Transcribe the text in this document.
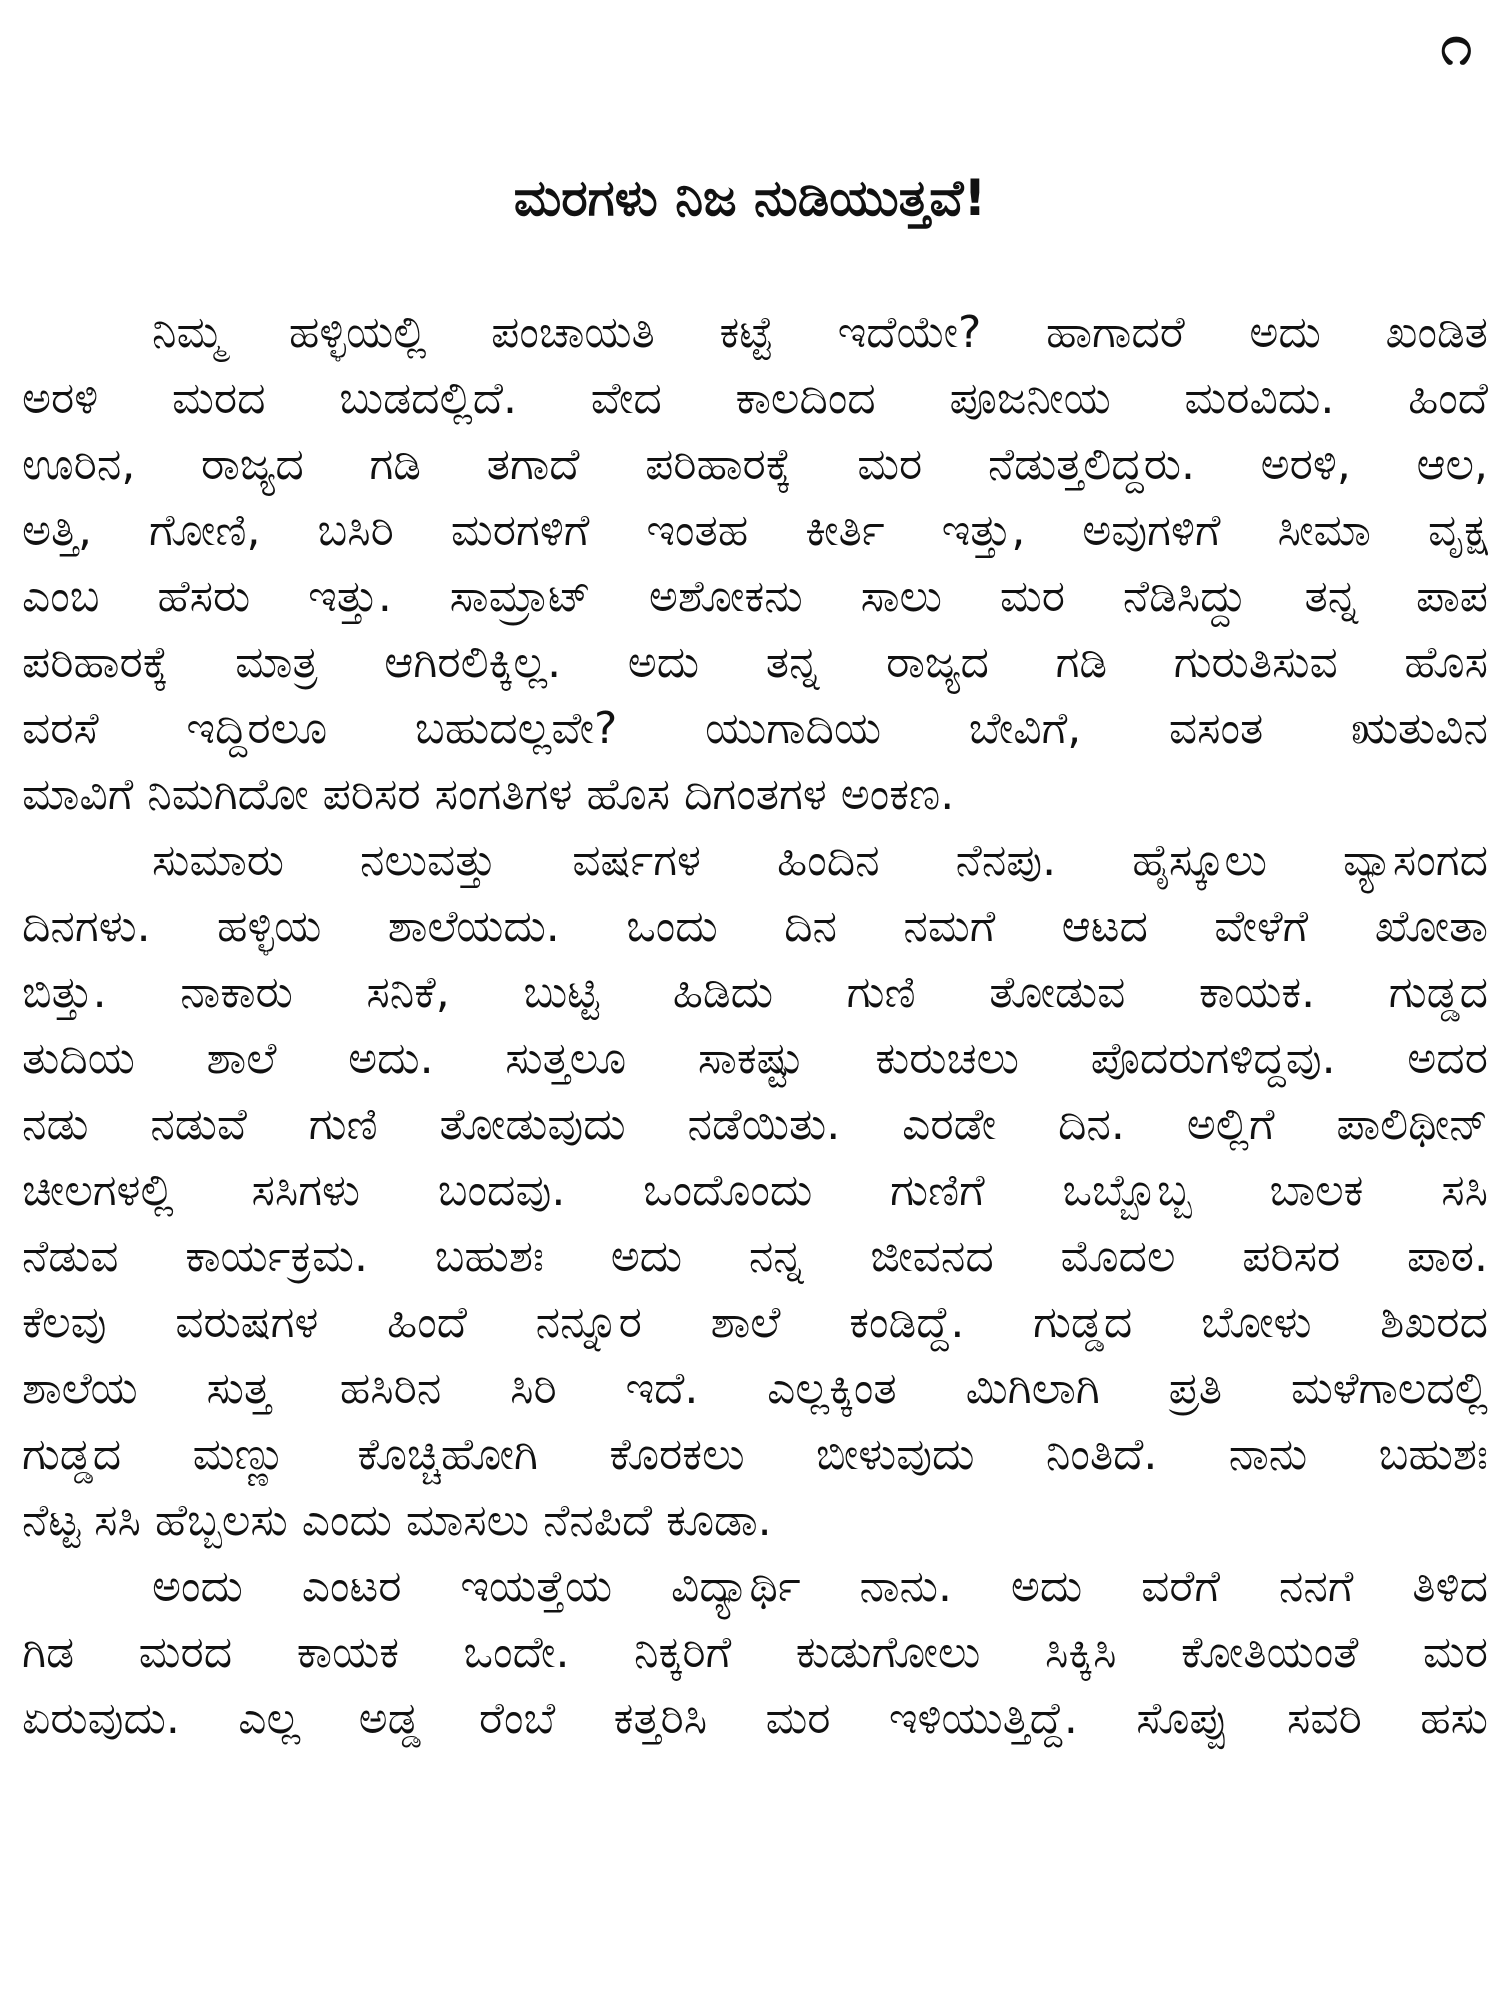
೧
ಮರಗಳು ನಿಜ ನುಡಿಯುತ್ತವೆ!
ನಿಮ್ಮ ಹಳ್ಳಿಯಲ್ಲಿ ಪಂಚಾಯತಿ ಕಟ್ಟೆ ಇದೆಯೇ? ಹಾಗಾದರೆ ಅದು ಖಂಡಿತ
ಅರಳಿ ಮರದ ಬುಡದಲ್ಲಿದೆ. ವೇದ ಕಾಲದಿಂದ ಪೂಜನೀಯ ಮರವಿದು. ಹಿಂದೆ
ಊರಿನ, ರಾಜ್ಯದ ಗಡಿ ತಗಾದೆ ಪರಿಹಾರಕ್ಕೆ ಮರ ನೆಡುತ್ತಲಿದ್ದರು. ಅರಳಿ, ಆಲ,
ಅತ್ತಿ, ಗೋಣಿ, ಬಸಿರಿ ಮರಗಳಿಗೆ ಇಂತಹ ಕೀರ್ತಿ ಇತ್ತು, ಅವುಗಳಿಗೆ ಸೀಮಾ ವೃಕ್ಷ
ಎಂಬ ಹೆಸರು ಇತ್ತು. ಸಾಮ್ರಾಟ್ ಅಶೋಕನು ಸಾಲು ಮರ ನೆಡಿಸಿದ್ದು ತನ್ನ ಪಾಪ
ಪರಿಹಾರಕ್ಕೆ ಮಾತ್ರ ಆಗಿರಲಿಕ್ಕಿಲ್ಲ. ಅದು ತನ್ನ ರಾಜ್ಯದ ಗಡಿ ಗುರುತಿಸುವ ಹೊಸ
ವರಸೆ ಇದ್ದಿರಲೂ ಬಹುದಲ್ಲವೇ? ಯುಗಾದಿಯ ಬೇವಿಗೆ, ವಸಂತ ಋತುವಿನ
ಮಾವಿಗೆ ನಿಮಗಿದೋ ಪರಿಸರ ಸಂಗತಿಗಳ ಹೊಸ ದಿಗಂತಗಳ ಅಂಕಣ.
ಸುಮಾರು ನಲುವತ್ತು ವರ್ಷಗಳ ಹಿಂದಿನ ನೆನಪು. ಹೈಸ್ಕೂಲು ವ್ಯಾಸಂಗದ
ದಿನಗಳು. ಹಳ್ಳಿಯ ಶಾಲೆಯದು. ಒಂದು ದಿನ ನಮಗೆ ಆಟದ ವೇಳೆಗೆ ಖೋತಾ
ಬಿತ್ತು. ನಾಕಾರು ಸನಿಕೆ, ಬುಟ್ಟಿ ಹಿಡಿದು ಗುಣಿ ತೋಡುವ ಕಾಯಕ. ಗುಡ್ಡದ
ತುದಿಯ ಶಾಲೆ ಅದು. ಸುತ್ತಲೂ ಸಾಕಷ್ಟು ಕುರುಚಲು ಪೊದರುಗಳಿದ್ದವು. ಅದರ
ನಡು ನಡುವೆ ಗುಣಿ ತೋಡುವುದು ನಡೆಯಿತು. ಎರಡೇ ದಿನ. ಅಲ್ಲಿಗೆ ಪಾಲಿಥೀನ್
ಚೀಲಗಳಲ್ಲಿ ಸಸಿಗಳು ಬಂದವು. ಒಂದೊಂದು ಗುಣಿಗೆ ಒಬ್ಬೊಬ್ಬ ಬಾಲಕ ಸಸಿ
ನೆಡುವ ಕಾರ್ಯಕ್ರಮ. ಬಹುಶಃ ಅದು ನನ್ನ ಜೀವನದ ಮೊದಲ ಪರಿಸರ ಪಾಠ.
ಕೆಲವು ವರುಷಗಳ ಹಿಂದೆ ನನ್ನೂರ ಶಾಲೆ ಕಂಡಿದ್ದೆ. ಗುಡ್ಡದ ಬೋಳು ಶಿಖರದ
ಶಾಲೆಯ ಸುತ್ತ ಹಸಿರಿನ ಸಿರಿ ಇದೆ. ಎಲ್ಲಕ್ಕಿಂತ ಮಿಗಿಲಾಗಿ ಪ್ರತಿ ಮಳೆಗಾಲದಲ್ಲಿ
ಗುಡ್ಡದ ಮಣ್ಣು ಕೊಚ್ಚಿಹೋಗಿ ಕೊರಕಲು ಬೀಳುವುದು ನಿಂತಿದೆ. ನಾನು ಬಹುಶಃ
ನೆಟ್ಟ ಸಸಿ ಹೆಬ್ಬಲಸು ಎಂದು ಮಾಸಲು ನೆನಪಿದೆ ಕೂಡಾ.
ಅಂದು ಎಂಟರ ಇಯತ್ತೆಯ ವಿದ್ಯಾರ್ಥಿ ನಾನು. ಅದು ವರೆಗೆ ನನಗೆ ತಿಳಿದ
ಗಿಡ ಮರದ ಕಾಯಕ ಒಂದೇ. ನಿಕ್ಕರಿಗೆ ಕುಡುಗೋಲು ಸಿಕ್ಕಿಸಿ ಕೋತಿಯಂತೆ ಮರ
ಏರುವುದು. ಎಲ್ಲ ಅಡ್ಡ ರೆಂಬೆ ಕತ್ತರಿಸಿ ಮರ ಇಳಿಯುತ್ತಿದ್ದೆ. ಸೊಪ್ಪು ಸವರಿ ಹಸು
